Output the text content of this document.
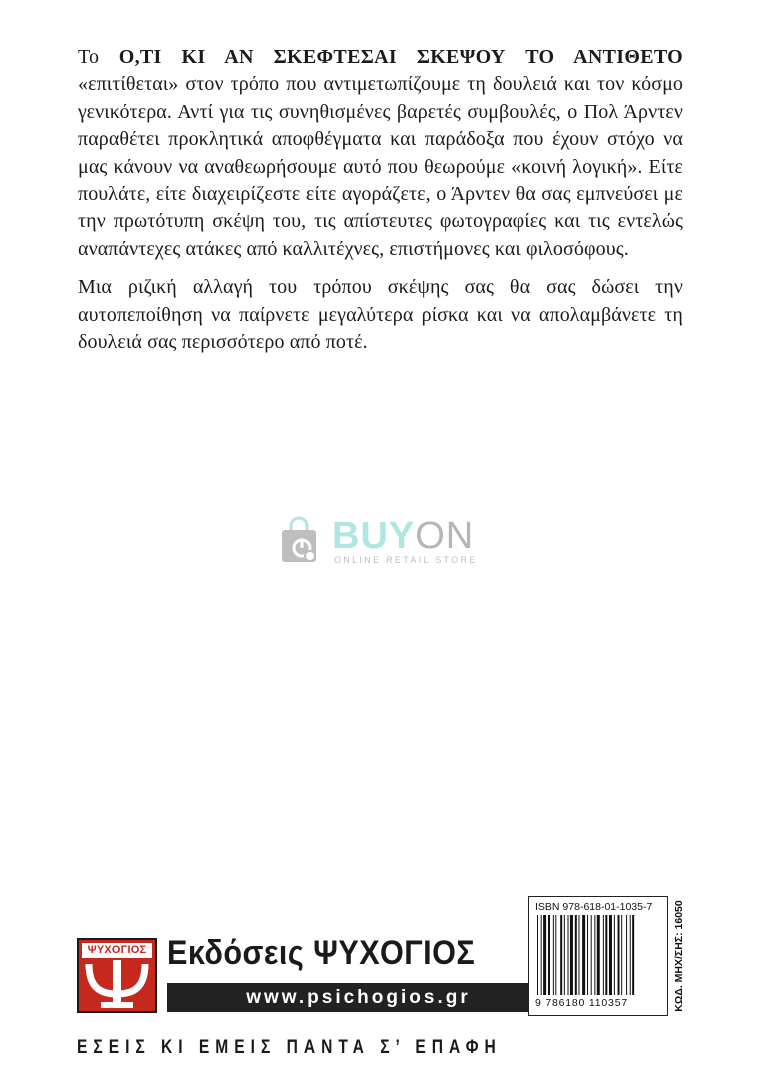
Το Ο,ΤΙ ΚΙ ΑΝ ΣΚΕΦΤΕΣΑΙ ΣΚΕΨΟΥ ΤΟ ΑΝΤΙΘΕΤΟ «επιτίθεται» στον τρόπο που αντιμετωπίζουμε τη δουλειά και τον κόσμο γενικότερα. Αντί για τις συνηθισμένες βαρετές συμβουλές, ο Πολ Άρντεν παραθέτει προκλητικά αποφθέγματα και παράδοξα που έχουν στόχο να μας κάνουν να αναθεωρήσουμε αυτό που θεωρούμε «κοινή λογική». Είτε πουλάτε, είτε διαχειρίζεστε είτε αγοράζετε, ο Άρντεν θα σας εμπνεύσει με την πρωτότυπη σκέψη του, τις απίστευτες φωτογραφίες και τις εντελώς αναπάντεχες ατάκες από καλλιτέχνες, επιστήμονες και φιλοσόφους.

Μια ριζική αλλαγή του τρόπου σκέψης σας θα σας δώσει την αυτοπεποίθηση να παίρνετε μεγαλύτερα ρίσκα και να απολαμβάνετε τη δουλειά σας περισσότερο από ποτέ.

BUYON
ONLINE RETAIL STORE
ΨΥΧΟΓΙΟΣ Εκδόσεις ΨΥΧΟΓΙΟΣ
www.psichogios.gr
ISBN 978-618-01-1035-7
9 786180 110357	ΚΩΔ. ΜΗΧ/ΣΗΣ: 16050
ΕΣΕΙΣ ΚΙ ΕΜΕΙΣ ΠΑΝΤΑ Σ’ ΕΠΑΦΗ
